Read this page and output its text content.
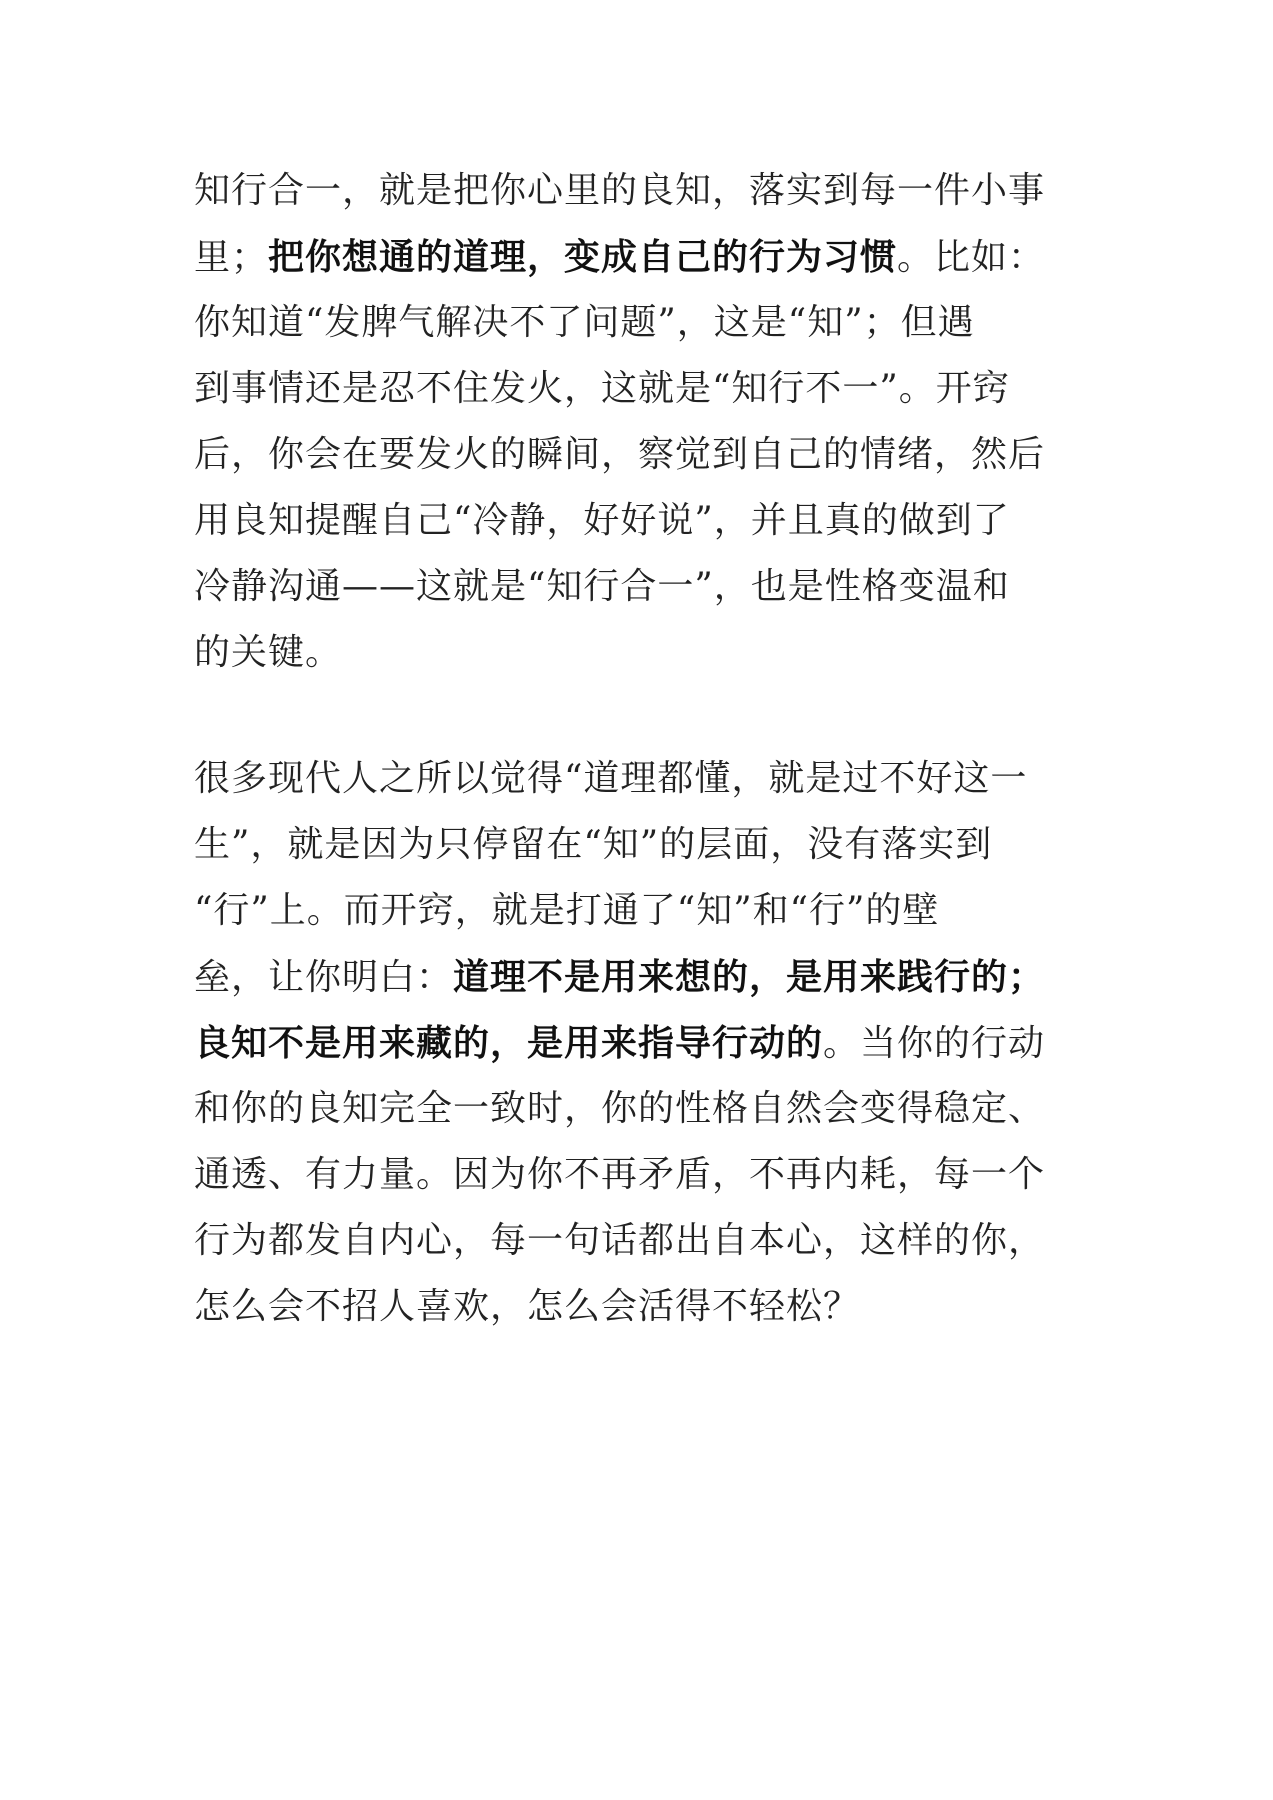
知行合一，就是把你心里的良知，落实到每一件小事
里；把你想通的道理，变成自己的行为习惯。比如：
你知道“发脾气解决不了问题”，这是“知”；但遇
到事情还是忍不住发火，这就是“知行不一”。开窍
后，你会在要发火的瞬间，察觉到自己的情绪，然后
用良知提醒自己“冷静，好好说”，并且真的做到了
冷静沟通——这就是“知行合一”，也是性格变温和
的关键。
很多现代人之所以觉得“道理都懂，就是过不好这一
生”，就是因为只停留在“知”的层面，没有落实到
“行”上。而开窍，就是打通了“知”和“行”的壁
垒，让你明白：道理不是用来想的，是用来践行的；
良知不是用来藏的，是用来指导行动的。当你的行动
和你的良知完全一致时，你的性格自然会变得稳定、
通透、有力量。因为你不再矛盾，不再内耗，每一个
行为都发自内心，每一句话都出自本心，这样的你，
怎么会不招人喜欢，怎么会活得不轻松？
